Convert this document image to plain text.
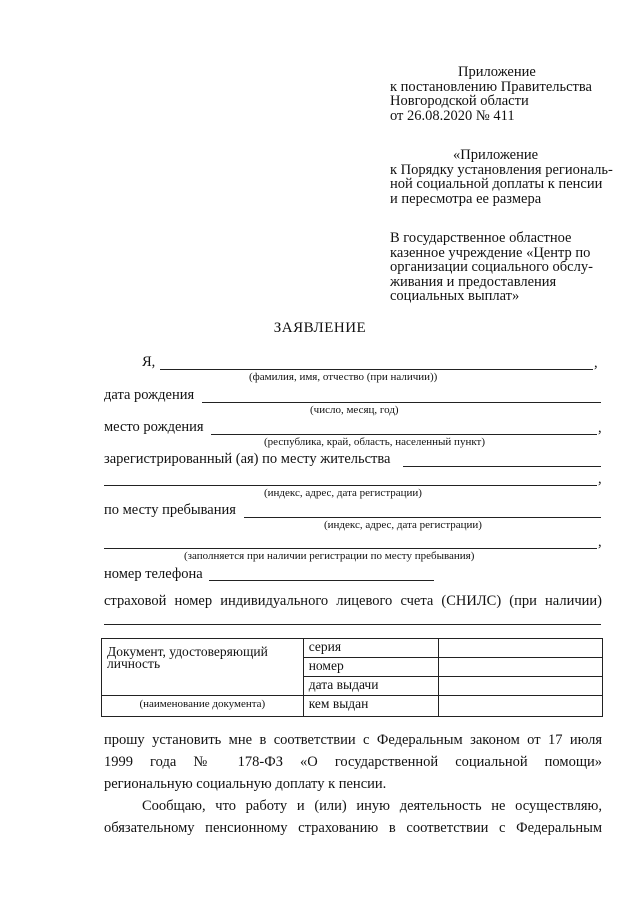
Приложение
к постановлению Правительства
Новгородской области
от 26.08.2020 № 411
«Приложение
к Порядку установления региональ-
ной социальной доплаты к пенсии
и пересмотра ее размера
В государственное областное
казенное учреждение «Центр по
организации социального обслу-
живания и предоставления
социальных выплат»
ЗАЯВЛЕНИЕ
Я,	,
(фамилия, имя, отчество (при наличии))
дата рождения
(число, месяц, год)
место рождения	,
(республика, край, область, населенный пункт)
зарегистрированный (ая) по месту жительства
,
(индекс, адрес, дата регистрации)
по месту пребывания
(индекс, адрес, дата регистрации)
,
(заполняется при наличии регистрации по месту пребывания)
номер телефона
страховой номер индивидуального лицевого счета (СНИЛС) (при наличии)
Документ, удостоверяющий личность	серия	
	номер	
	дата выдачи	
(наименование документа)	кем выдан	
прошу установить мне в соответствии с Федеральным законом от 17 июля
1999 года № 178-ФЗ «О государственной социальной помощи»
региональную социальную доплату к пенсии.
Сообщаю, что работу и (или) иную деятельность не осуществляю,
обязательному пенсионному страхованию в соответствии с Федеральным
